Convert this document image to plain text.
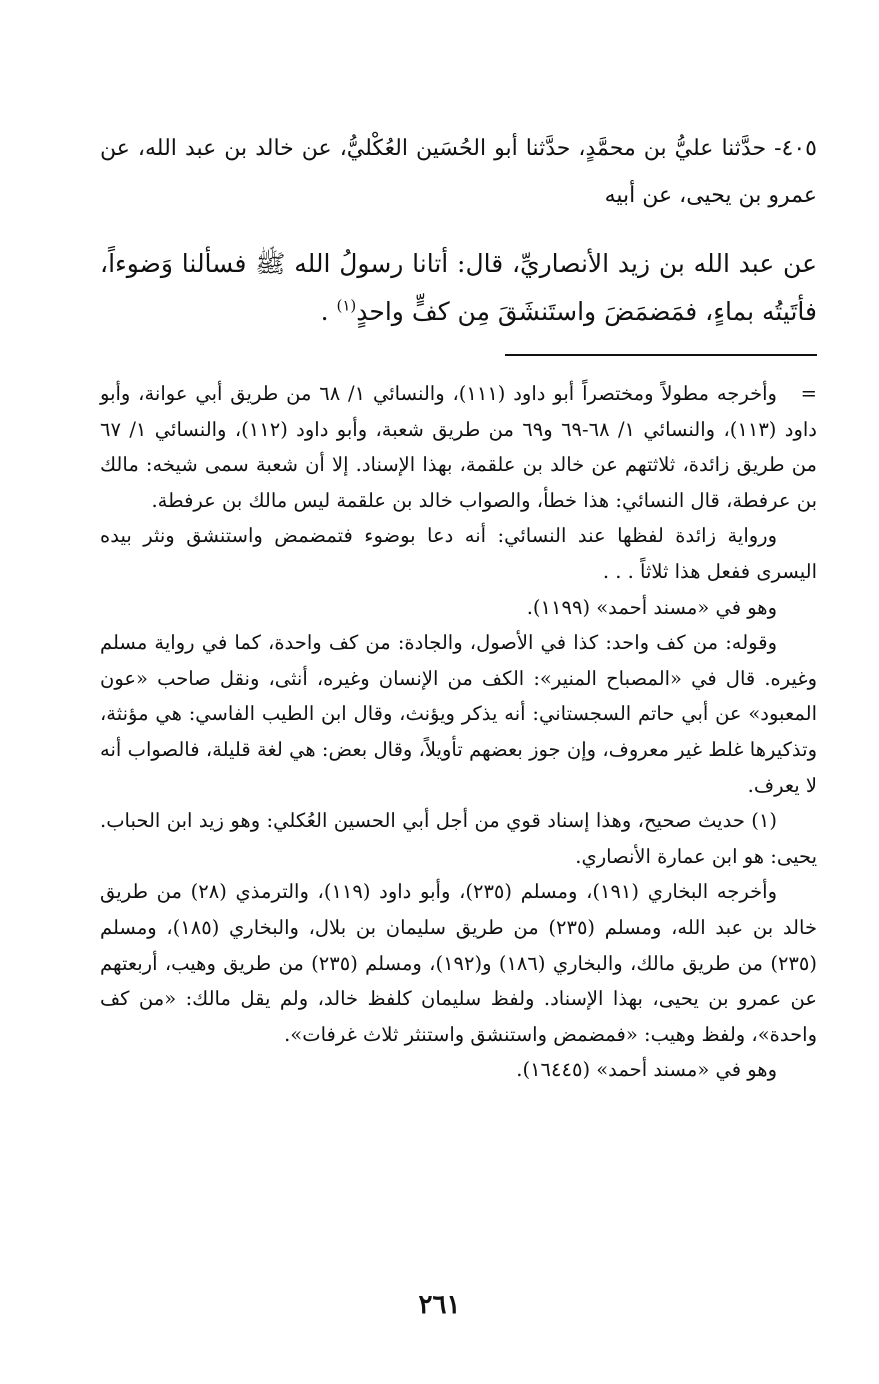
٤٠٥- حدَّثنا عليُّ بن محمَّدٍ، حدَّثنا أبو الحُسَين العُكْليُّ، عن خالد بن عبد الله، عن عمرو بن يحيى، عن أبيه

عن عبد الله بن زيد الأنصاريِّ، قال: أتانا رسولُ الله ﷺ فسألنا وَضوءاً، فأتَيتُه بماءٍ، فمَضمَضَ واستَنشَقَ مِن كفٍّ واحدٍ$^{(١)}$ .

=
وأخرجه مطولاً ومختصراً أبو داود (١١١)، والنسائي ١/ ٦٨ من طريق أبي عوانة، وأبو داود (١١٣)، والنسائي ١/ ٦٨-٦٩ و٦٩ من طريق شعبة، وأبو داود (١١٢)، والنسائي ١/ ٦٧ من طريق زائدة، ثلاثتهم عن خالد بن علقمة، بهذا الإسناد. إلا أن شعبة سمى شيخه: مالك بن عرفطة، قال النسائي: هذا خطأ، والصواب خالد بن علقمة ليس مالك بن عرفطة.

ورواية زائدة لفظها عند النسائي: أنه دعا بوضوء فتمضمض واستنشق ونثر بيده اليسرى ففعل هذا ثلاثاً . . .

وهو في «مسند أحمد» (١١٩٩).

وقوله: من كف واحد: كذا في الأصول، والجادة: من كف واحدة، كما في رواية مسلم وغيره. قال في «المصباح المنير»: الكف من الإنسان وغيره، أنثى، ونقل صاحب «عون المعبود» عن أبي حاتم السجستاني: أنه يذكر ويؤنث، وقال ابن الطيب الفاسي: هي مؤنثة، وتذكيرها غلط غير معروف، وإن جوز بعضهم تأويلاً، وقال بعض: هي لغة قليلة، فالصواب أنه لا يعرف.

(١) حديث صحيح، وهذا إسناد قوي من أجل أبي الحسين العُكلي: وهو زيد ابن الحباب. يحيى: هو ابن عمارة الأنصاري.

وأخرجه البخاري (١٩١)، ومسلم (٢٣٥)، وأبو داود (١١٩)، والترمذي (٢٨) من طريق خالد بن عبد الله، ومسلم (٢٣٥) من طريق سليمان بن بلال، والبخاري (١٨٥)، ومسلم (٢٣٥) من طريق مالك، والبخاري (١٨٦) و(١٩٢)، ومسلم (٢٣٥) من طريق وهيب، أربعتهم عن عمرو بن يحيى، بهذا الإسناد. ولفظ سليمان كلفظ خالد، ولم يقل مالك: «من كف واحدة»، ولفظ وهيب: «فمضمض واستنشق واستنثر ثلاث غرفات».

وهو في «مسند أحمد» (١٦٤٤٥).

٢٦١
